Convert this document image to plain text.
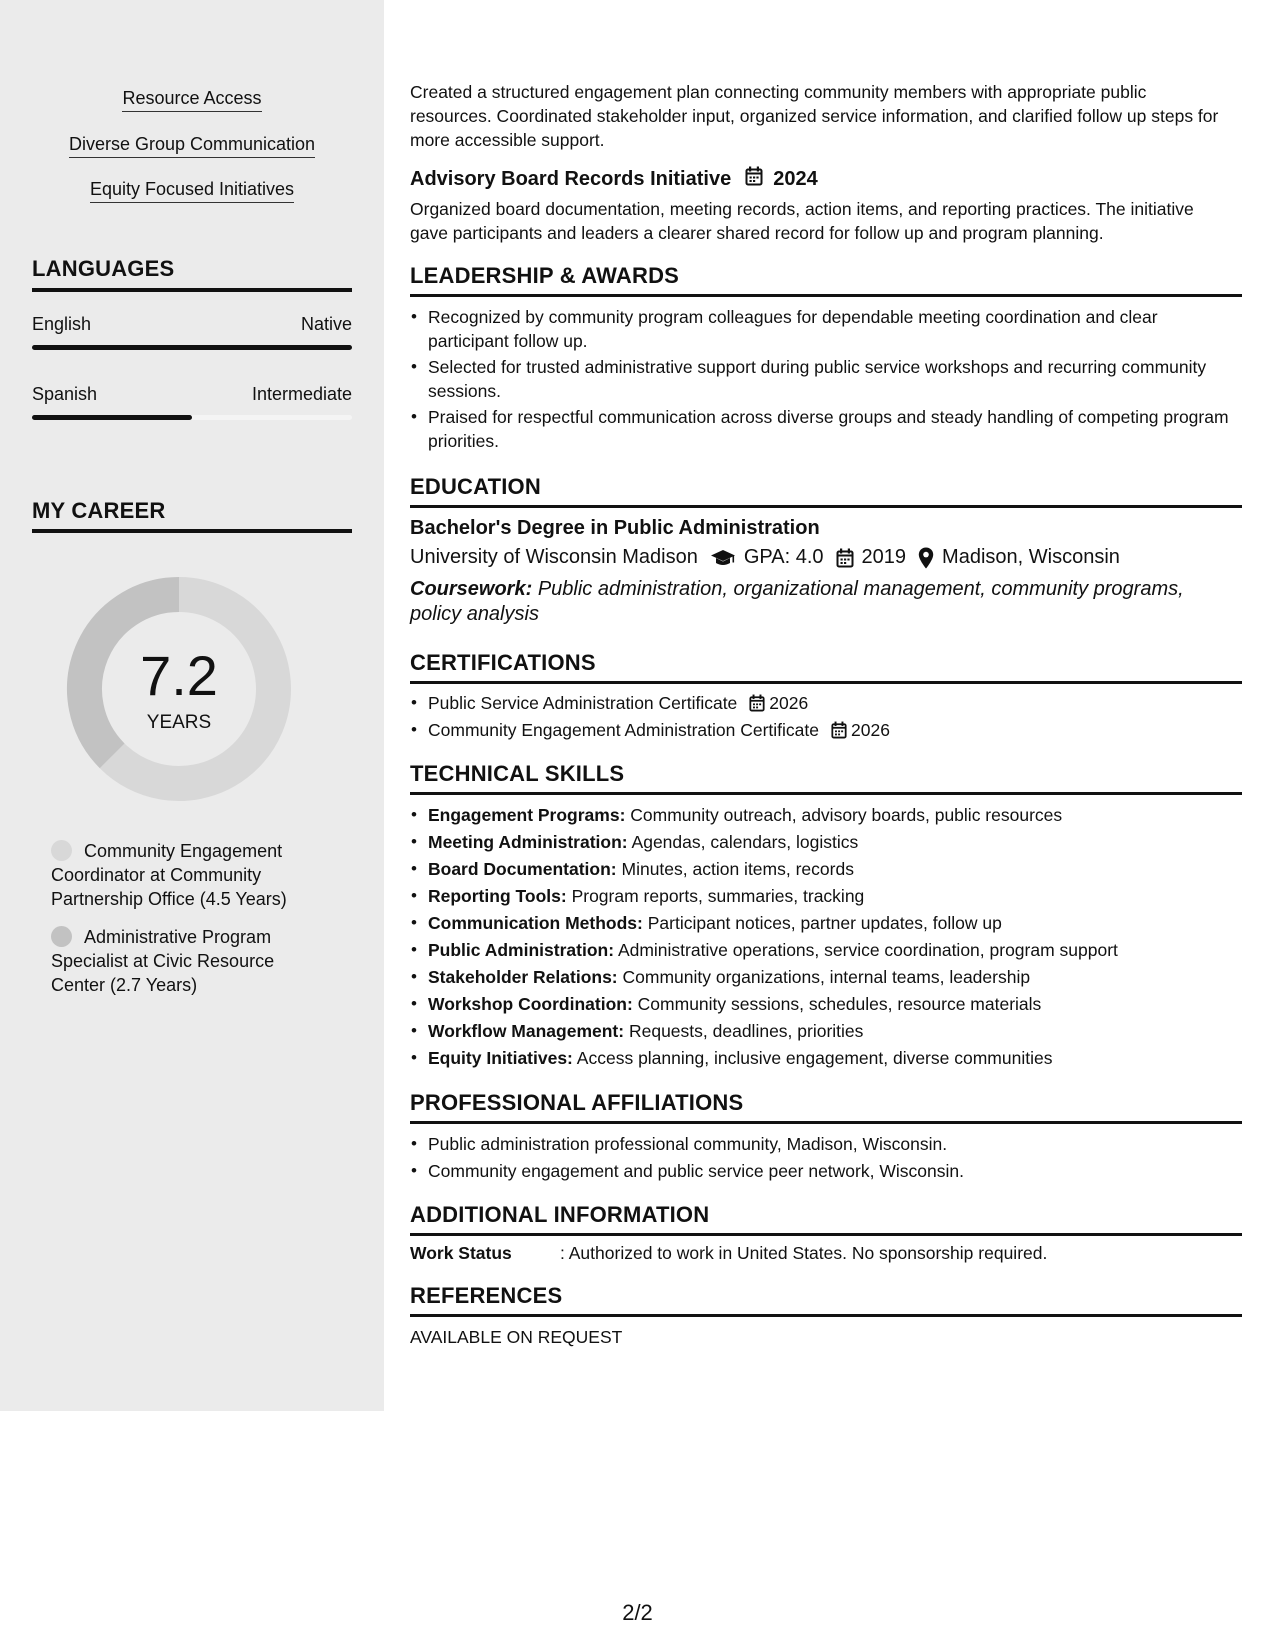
Resource Access
Diverse Group Communication
Equity Focused Initiatives
LANGUAGES
English	Native
Spanish	Intermediate
MY CAREER
7.2
YEARS
Community Engagement Coordinator at Community Partnership Office (4.5 Years)
Administrative Program Specialist at Civic Resource Center (2.7 Years)
Created a structured engagement plan connecting community members with appropriate public resources. Coordinated stakeholder input, organized service information, and clarified follow up steps for more accessible support.
Advisory Board Records Initiative 2024
Organized board documentation, meeting records, action items, and reporting practices. The initiative gave participants and leaders a clearer shared record for follow up and program planning.
LEADERSHIP & AWARDS
• Recognized by community program colleagues for dependable meeting coordination and clear participant follow up.
• Selected for trusted administrative support during public service workshops and recurring community sessions.
• Praised for respectful communication across diverse groups and steady handling of competing program priorities.
EDUCATION
Bachelor's Degree in Public Administration
University of Wisconsin Madison GPA: 4.0 2019 Madison, Wisconsin
Coursework: Public administration, organizational management, community programs, policy analysis
CERTIFICATIONS
• Public Service Administration Certificate 2026
• Community Engagement Administration Certificate 2026
TECHNICAL SKILLS
• Engagement Programs: Community outreach, advisory boards, public resources
• Meeting Administration: Agendas, calendars, logistics
• Board Documentation: Minutes, action items, records
• Reporting Tools: Program reports, summaries, tracking
• Communication Methods: Participant notices, partner updates, follow up
• Public Administration: Administrative operations, service coordination, program support
• Stakeholder Relations: Community organizations, internal teams, leadership
• Workshop Coordination: Community sessions, schedules, resource materials
• Workflow Management: Requests, deadlines, priorities
• Equity Initiatives: Access planning, inclusive engagement, diverse communities
PROFESSIONAL AFFILIATIONS
• Public administration professional community, Madison, Wisconsin.
• Community engagement and public service peer network, Wisconsin.
ADDITIONAL INFORMATION
Work Status	: Authorized to work in United States. No sponsorship required.
REFERENCES
AVAILABLE ON REQUEST
2/2
